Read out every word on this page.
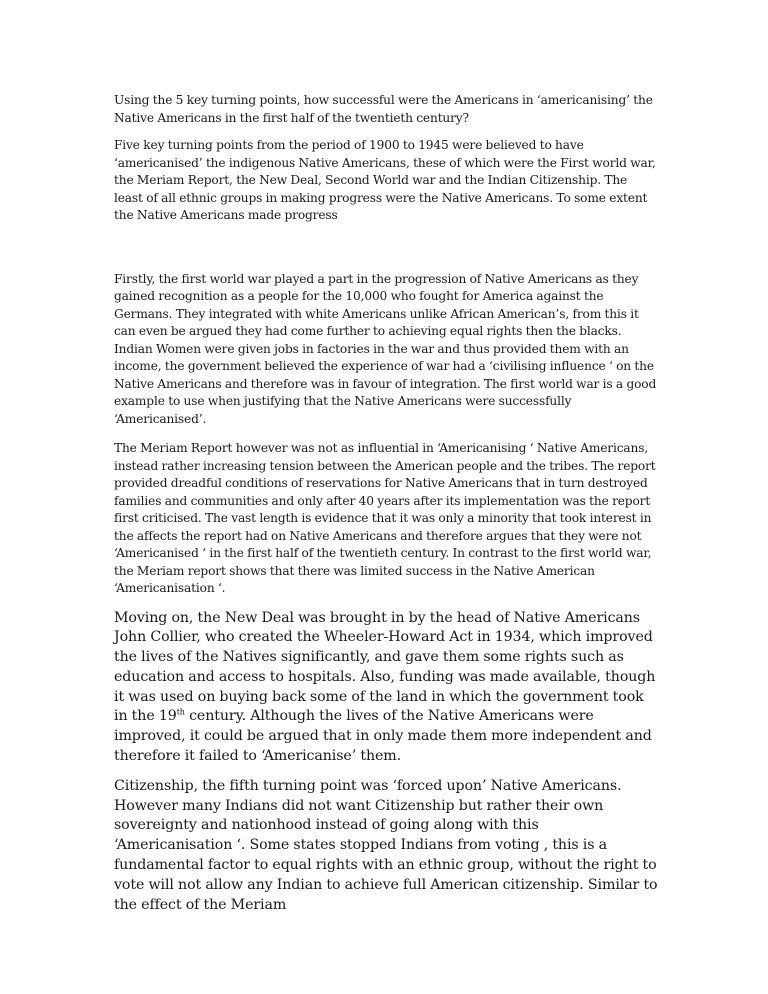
Using the 5 key turning points, how successful were the Americans in ‘americanising’ the Native Americans in the first half of the twentieth century?

Five key turning points from the period of 1900 to 1945 were believed to have ‘americanised’ the indigenous Native Americans, these of which were the First world war, the Meriam Report, the New Deal, Second World war and the Indian Citizenship. The least of all ethnic groups in making progress were the Native Americans. To some extent the Native Americans made progress

Firstly, the first world war played a part in the progression of Native Americans as they gained recognition as a people for the 10,000 who fought for America against the Germans. They integrated with white Americans unlike African American’s, from this it can even be argued they had come further to achieving equal rights then the blacks. Indian Women were given jobs in factories in the war and thus provided them with an income, the government believed the experience of war had a ‘civilising influence ‘ on the Native Americans and therefore was in favour of integration. The first world war is a good example to use when justifying that the Native Americans were successfully ‘Americanised’.

The Meriam Report however was not as influential in ‘Americanising ‘ Native Americans, instead rather increasing tension between the American people and the tribes. The report provided dreadful conditions of reservations for Native Americans that in turn destroyed families and communities and only after 40 years after its implementation was the report first criticised. The vast length is evidence that it was only a minority that took interest in the affects the report had on Native Americans and therefore argues that they were not ‘Americanised ‘ in the first half of the twentieth century. In contrast to the first world war, the Meriam report shows that there was limited success in the Native American ‘Americanisation ‘.

Moving on, the New Deal was brought in by the head of Native Americans John Collier, who created the Wheeler-Howard Act in 1934, which improved the lives of the Natives significantly, and gave them some rights such as education and access to hospitals. Also, funding was made available, though it was used on buying back some of the land in which the government took in the 19th century. Although the lives of the Native Americans were improved, it could be argued that in only made them more independent and therefore it failed to ‘Americanise’ them.

Citizenship, the fifth turning point was ‘forced upon’ Native Americans. However many Indians did not want Citizenship but rather their own sovereignty and nationhood instead of going along with this ‘Americanisation ‘. Some states stopped Indians from voting , this is a fundamental factor to equal rights with an ethnic group, without the right to vote will not allow any Indian to achieve full American citizenship. Similar to the effect of the Meriam
